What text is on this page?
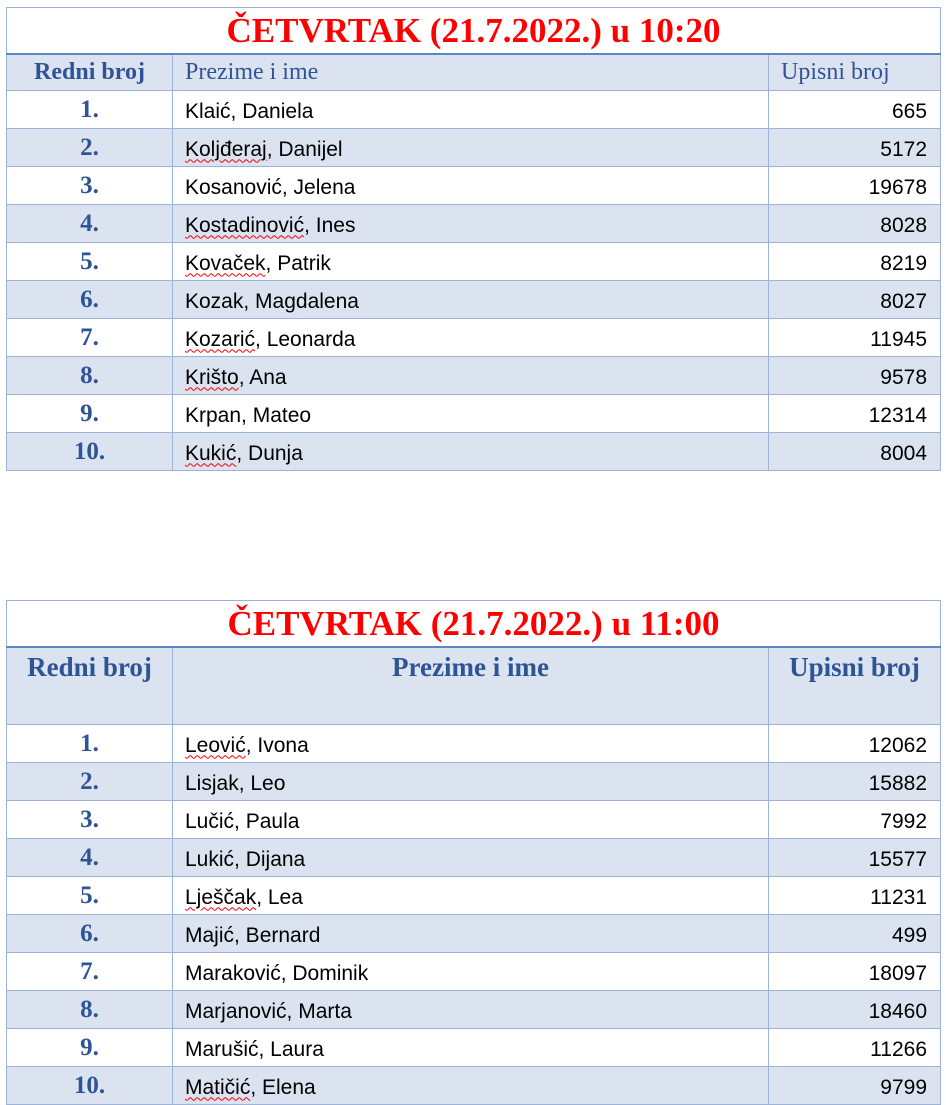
ČETVRTAK (21.7.2022.) u 10:20		
Redni broj	Prezime i ime	Upisni broj
1.	Klaić, Daniela	665
2.	Koljđeraj, Danijel	5172
3.	Kosanović, Jelena	19678
4.	Kostadinović, Ines	8028
5.	Kovaček, Patrik	8219
6.	Kozak, Magdalena	8027
7.	Kozarić, Leonarda	11945
8.	Krišto, Ana	9578
9.	Krpan, Mateo	12314
10.	Kukić, Dunja	8004
ČETVRTAK (21.7.2022.) u 11:00		
Redni broj	Prezime i ime	Upisni broj
1.	Leović, Ivona	12062
2.	Lisjak, Leo	15882
3.	Lučić, Paula	7992
4.	Lukić, Dijana	15577
5.	Lješčak, Lea	11231
6.	Majić, Bernard	499
7.	Maraković, Dominik	18097
8.	Marjanović, Marta	18460
9.	Marušić, Laura	11266
10.	Matičić, Elena	9799
